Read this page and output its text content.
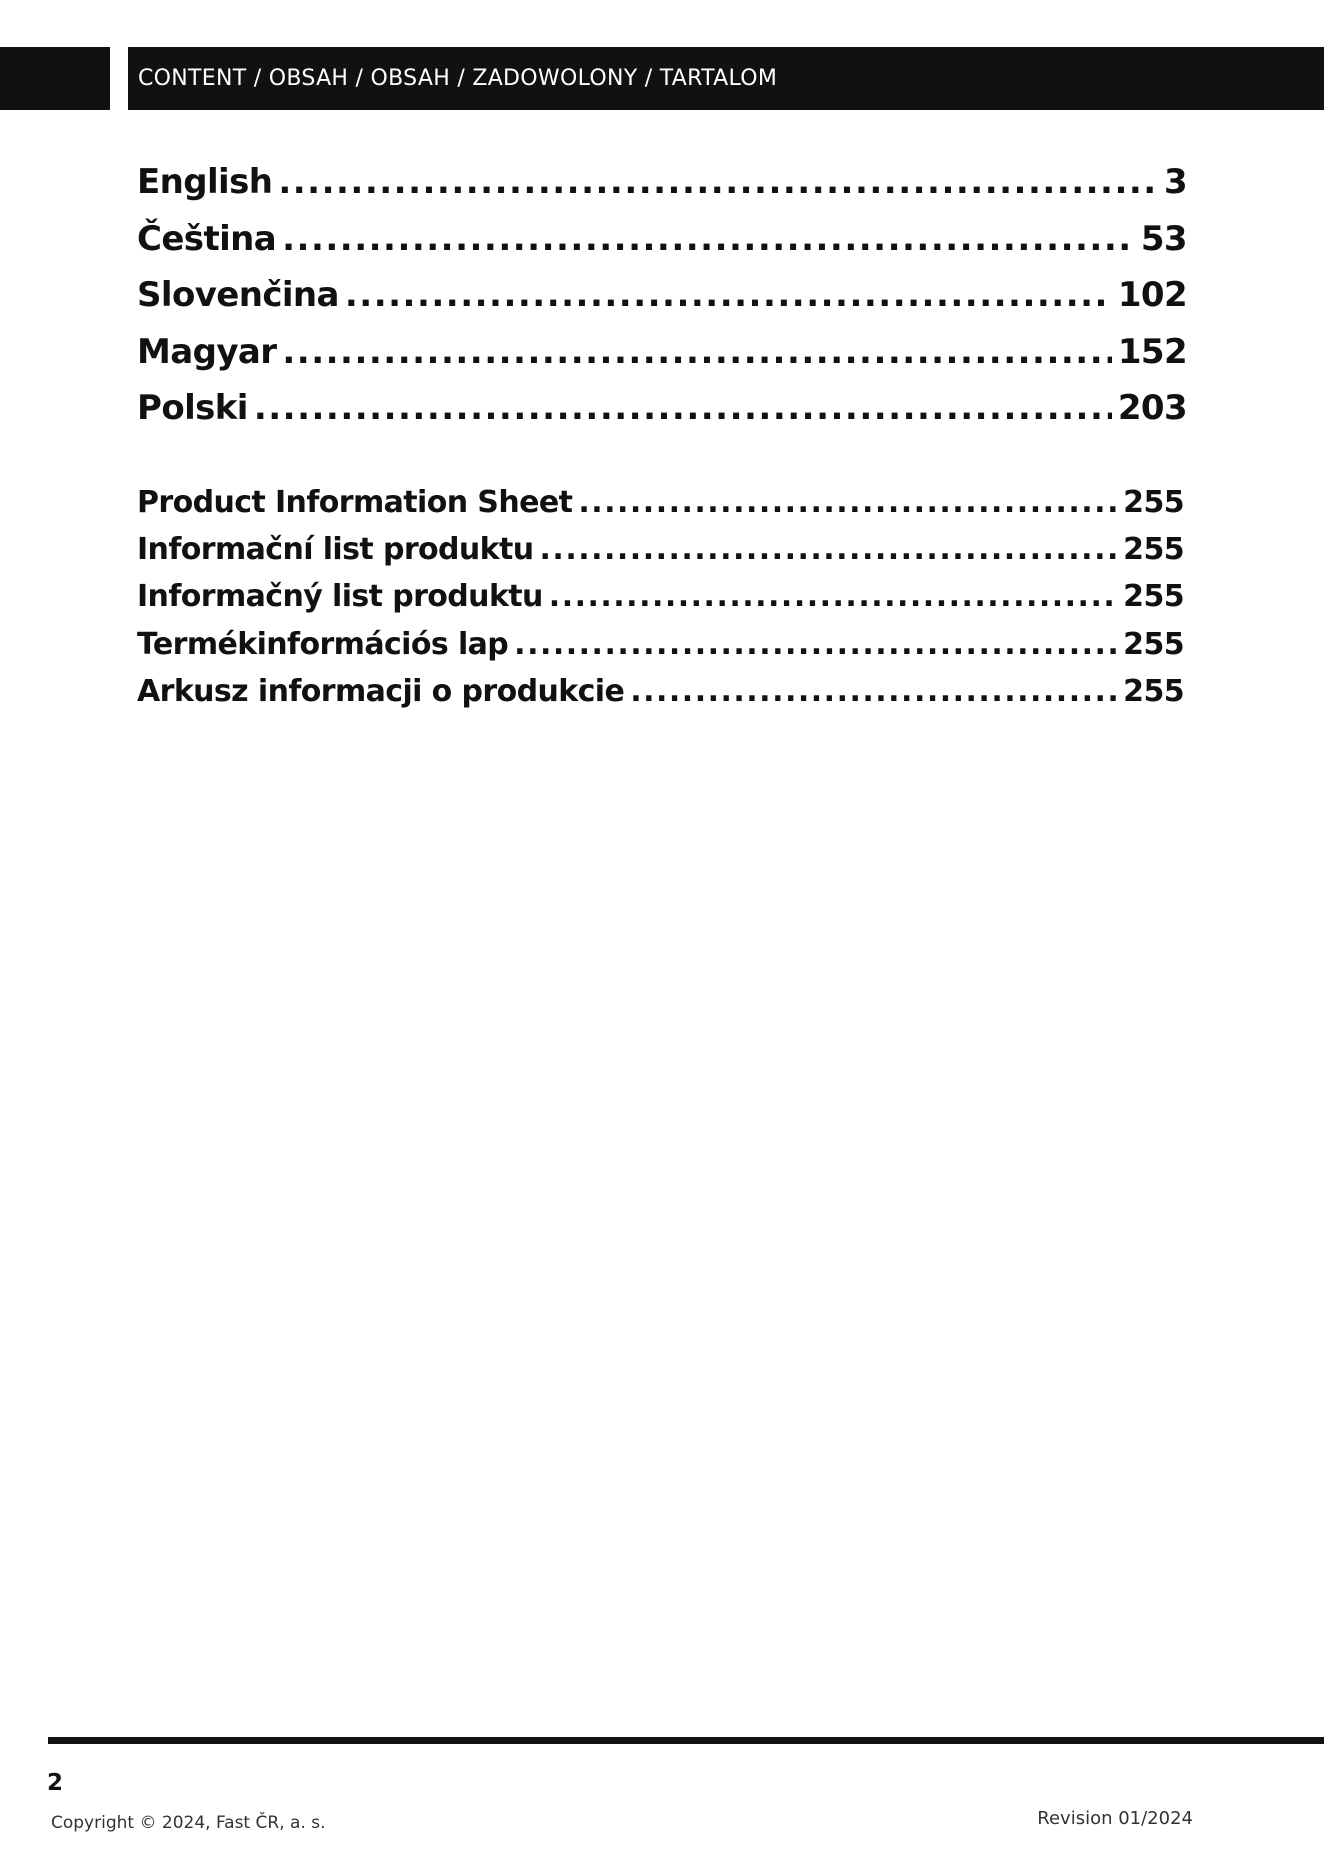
CONTENT / OBSAH / OBSAH / ZADOWOLONY / TARTALOM
English .....	3
Čeština .....	53
Slovenčina .....	102
Magyar .....	152
Polski .....	203
Product Information Sheet .....	255
Informační list produktu .....	255
Informačný list produktu .....	255
Termékinformációs lap .....	255
Arkusz informacji o produkcie .....	255
2
Copyright © 2024, Fast ČR, a. s.	Revision 01/2024
